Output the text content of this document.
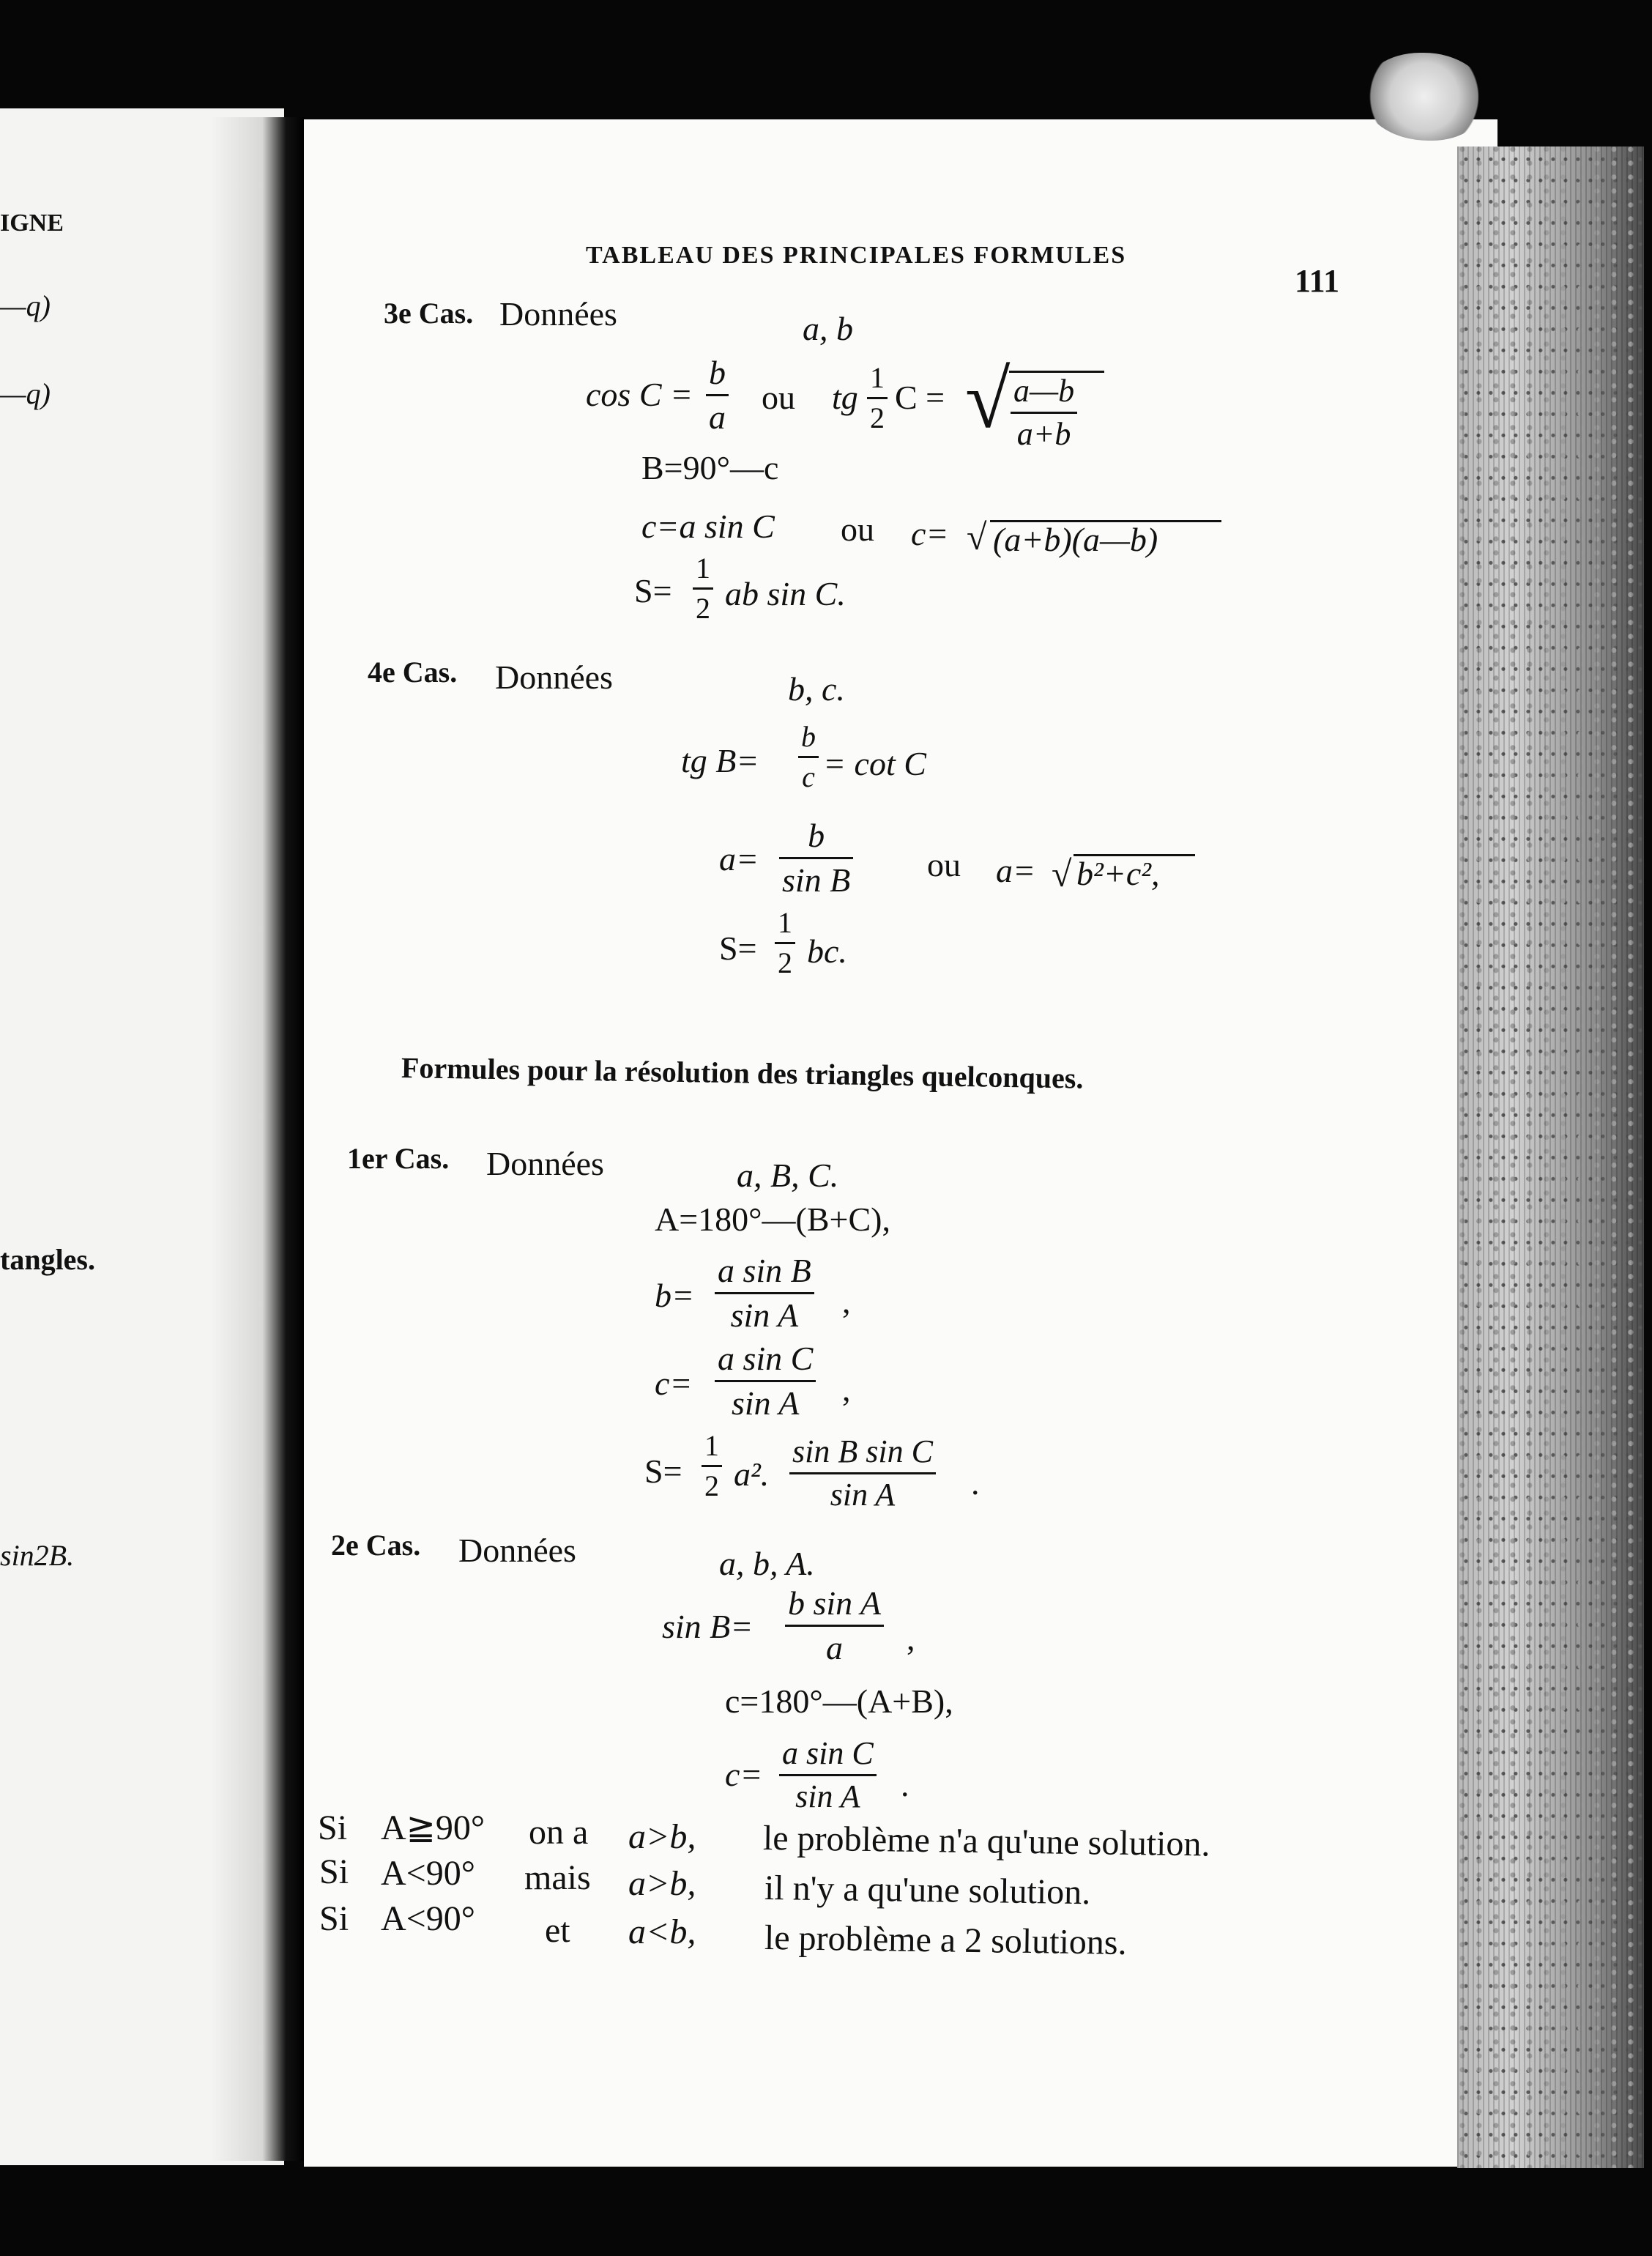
IGNE
—q)
—q)
tangles.
sin2B.
TABLEAU DES PRINCIPALES FORMULES
111
3e Cas. Données	a, b
cos C =
b
a
ou tg
1
2
C = √ a—b
a+b
B=90°—c
c=a sin C ou c= √ (a+b)(a—b)
S=
1
2 ab sin C.
4e Cas. Données	b, c.
tg B=
b
c = cot C
a=
b
sin B ou a= √ b²+c²,
S=
1
2 bc.
Formules pour la résolution des triangles quelconques.
1er Cas. Données	a, B, C.
A=180°—(B+C),
b=
a sin B
sin A ,
c=
a sin C
sin A ,
S=
1
2 a².
sin B sin C
sin A .
2e Cas. Données	a, b, A.
sin B=
b sin A
a ,
c=180°—(A+B),
c=
a sin C
sin A .
Si A≧90° on a a>b, le problème n'a qu'une solution.
Si A<90° mais a>b, il n'y a qu'une solution.
Si A<90° et a<b, le problème a 2 solutions.
